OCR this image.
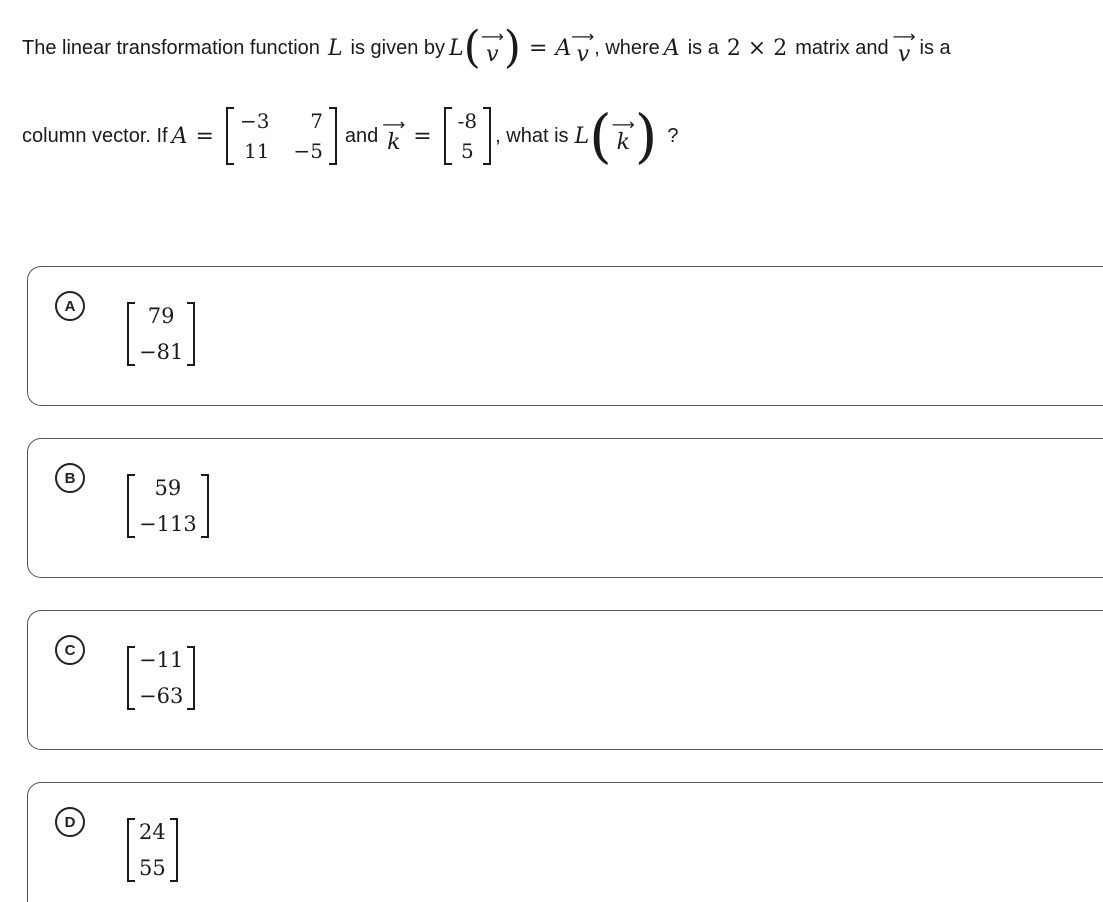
The linear transformation function L is given by L ( ⟶
v ) = A ⟶
v , where A is a 2 × 2 matrix and
⟶
v is a
column vector. If A =
−3	7
11 −5
and
⟶
k =
-8
5
, what is L ( ⟶
k ) ?
A	79
−81
B	59
−113
C	−11
−63
D	24
55
